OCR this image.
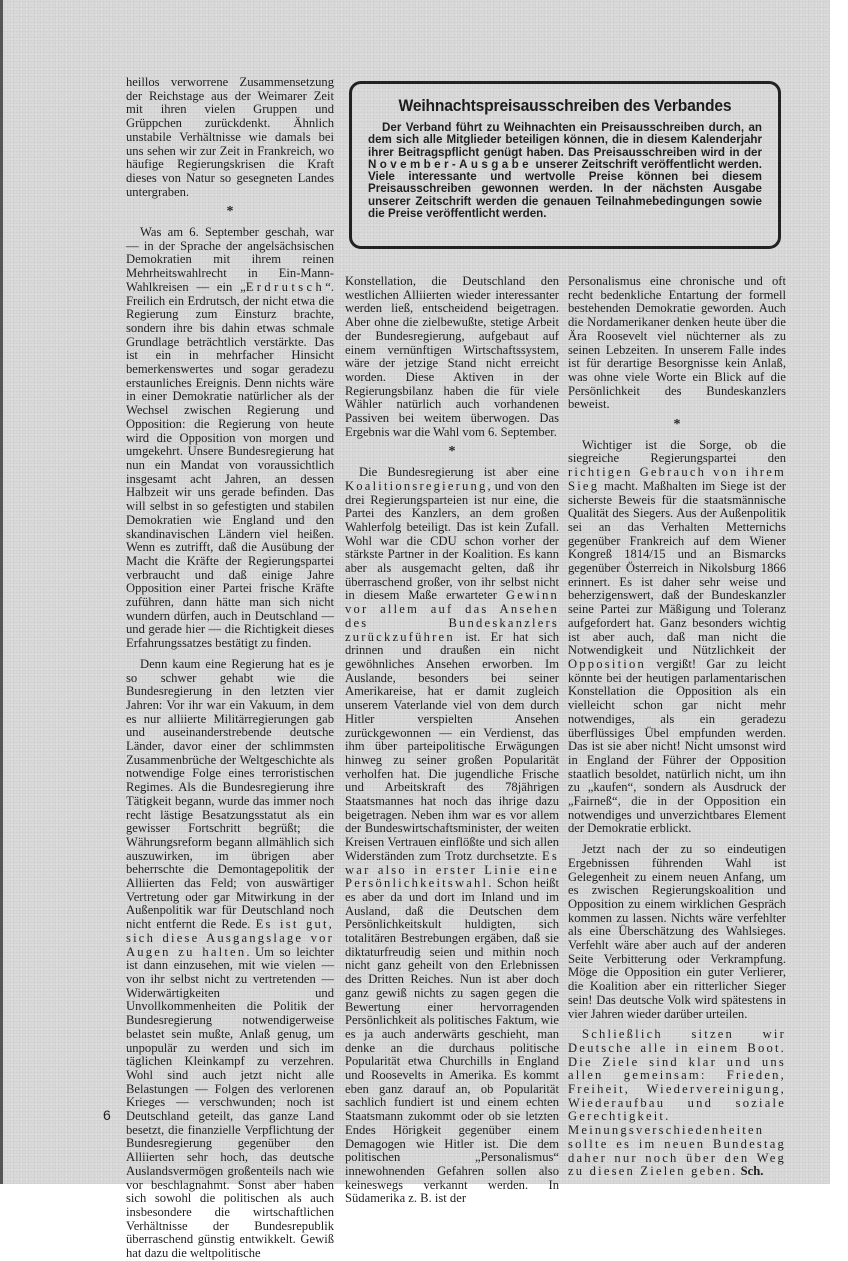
Weihnachtspreisausschreiben des Verbandes
Der Verband führt zu Weihnachten ein Preisausschreiben durch, an dem sich alle Mitglieder beteiligen können, die in diesem Kalenderjahr ihrer Beitragspflicht genügt haben. Das Preisausschreiben wird in der November-Ausgabe unserer Zeitschrift veröffentlicht werden. Viele interessante und wertvolle Preise können bei diesem Preisausschreiben gewonnen werden. In der nächsten Ausgabe unserer Zeitschrift werden die genauen Teilnahmebedingungen sowie die Preise veröffentlicht werden.

heillos verworrene Zusammensetzung der Reichstage aus der Weimarer Zeit mit ihren vielen Gruppen und Grüppchen zurückdenkt. Ähnlich unstabile Verhältnisse wie damals bei uns sehen wir zur Zeit in Frankreich, wo häufige Regierungskrisen die Kraft dieses von Natur so gesegneten Landes untergraben.

*

Was am 6. September geschah, war — in der Sprache der angelsächsischen Demokratien mit ihrem reinen Mehrheitswahlrecht in Ein-Mann-Wahlkreisen — ein „Erdrutsch“. Freilich ein Erdrutsch, der nicht etwa die Regierung zum Einsturz brachte, sondern ihre bis dahin etwas schmale Grundlage beträchtlich verstärkte. Das ist ein in mehrfacher Hinsicht bemerkenswertes und sogar geradezu erstaunliches Ereignis. Denn nichts wäre in einer Demokratie natürlicher als der Wechsel zwischen Regierung und Opposition: die Regierung von heute wird die Opposition von morgen und umgekehrt. Unsere Bundesregierung hat nun ein Mandat von voraussichtlich insgesamt acht Jahren, an dessen Halbzeit wir uns gerade befinden. Das will selbst in so gefestigten und stabilen Demokratien wie England und den skandinavischen Ländern viel heißen. Wenn es zutrifft, daß die Ausübung der Macht die Kräfte der Regierungspartei verbraucht und daß einige Jahre Opposition einer Partei frische Kräfte zuführen, dann hätte man sich nicht wundern dürfen, auch in Deutschland — und gerade hier — die Richtigkeit dieses Erfahrungssatzes bestätigt zu finden.

Denn kaum eine Regierung hat es je so schwer gehabt wie die Bundesregierung in den letzten vier Jahren: Vor ihr war ein Vakuum, in dem es nur alliierte Militärregierungen gab und auseinanderstrebende deutsche Länder, davor einer der schlimmsten Zusammenbrüche der Weltgeschichte als notwendige Folge eines terroristischen Regimes. Als die Bundesregierung ihre Tätigkeit begann, wurde das immer noch recht lästige Besatzungsstatut als ein gewisser Fortschritt begrüßt; die Währungsreform begann allmählich sich auszuwirken, im übrigen aber beherrschte die Demontagepolitik der Alliierten das Feld; von auswärtiger Vertretung oder gar Mitwirkung in der Außenpolitik war für Deutschland noch nicht entfernt die Rede. Es ist gut, sich diese Ausgangslage vor Augen zu halten. Um so leichter ist dann einzusehen, mit wie vielen — von ihr selbst nicht zu vertretenden — Widerwärtigkeiten und Unvollkommenheiten die Politik der Bundesregierung notwendigerweise belastet sein mußte, Anlaß genug, um unpopulär zu werden und sich im täglichen Kleinkampf zu verzehren. Wohl sind auch jetzt nicht alle Belastungen — Folgen des verlorenen Krieges — verschwunden; noch ist Deutschland geteilt, das ganze Land besetzt, die finanzielle Verpflichtung der Bundesregierung gegenüber den Alliierten sehr hoch, das deutsche Auslandsvermögen großenteils nach wie vor beschlagnahmt. Sonst aber haben sich sowohl die politischen als auch insbesondere die wirtschaftlichen Verhältnisse der Bundesrepublik überraschend günstig entwikkelt. Gewiß hat dazu die weltpolitische

Konstellation, die Deutschland den westlichen Alliierten wieder interessanter werden ließ, entscheidend beigetragen. Aber ohne die zielbewußte, stetige Arbeit der Bundesregierung, aufgebaut auf einem vernünftigen Wirtschaftssystem, wäre der jetzige Stand nicht erreicht worden. Diese Aktiven in der Regierungsbilanz haben die für viele Wähler natürlich auch vorhandenen Passiven bei weitem überwogen. Das Ergebnis war die Wahl vom 6. September.

*

Die Bundesregierung ist aber eine Koalitionsregierung, und von den drei Regierungsparteien ist nur eine, die Partei des Kanzlers, an dem großen Wahlerfolg beteiligt. Das ist kein Zufall. Wohl war die CDU schon vorher der stärkste Partner in der Koalition. Es kann aber als ausgemacht gelten, daß ihr überraschend großer, von ihr selbst nicht in diesem Maße erwarteter Gewinn vor allem auf das Ansehen des Bundeskanzlers zurückzuführen ist. Er hat sich drinnen und draußen ein nicht gewöhnliches Ansehen erworben. Im Auslande, besonders bei seiner Amerikareise, hat er damit zugleich unserem Vaterlande viel von dem durch Hitler verspielten Ansehen zurückgewonnen — ein Verdienst, das ihm über parteipolitische Erwägungen hinweg zu seiner großen Popularität verholfen hat. Die jugendliche Frische und Arbeitskraft des 78jährigen Staatsmannes hat noch das ihrige dazu beigetragen. Neben ihm war es vor allem der Bundeswirtschaftsminister, der weiten Kreisen Vertrauen einflößte und sich allen Widerständen zum Trotz durchsetzte. Es war also in erster Linie eine Persönlichkeitswahl. Schon heißt es aber da und dort im Inland und im Ausland, daß die Deutschen dem Persönlichkeitskult huldigten, sich totalitären Bestrebungen ergäben, daß sie diktaturfreudig seien und mithin noch nicht ganz geheilt von den Erlebnissen des Dritten Reiches. Nun ist aber doch ganz gewiß nichts zu sagen gegen die Bewertung einer hervorragenden Persönlichkeit als politisches Faktum, wie es ja auch anderwärts geschieht, man denke an die durchaus politische Popularität etwa Churchills in England und Roosevelts in Amerika. Es kommt eben ganz darauf an, ob Popularität sachlich fundiert ist und einem echten Staatsmann zukommt oder ob sie letzten Endes Hörigkeit gegenüber einem Demagogen wie Hitler ist. Die dem politischen „Personalismus“ innewohnenden Gefahren sollen also keineswegs verkannt werden. In Südamerika z. B. ist der

Personalismus eine chronische und oft recht bedenkliche Entartung der formell bestehenden Demokratie geworden. Auch die Nordamerikaner denken heute über die Ära Roosevelt viel nüchterner als zu seinen Lebzeiten. In unserem Falle indes ist für derartige Besorgnisse kein Anlaß, was ohne viele Worte ein Blick auf die Persönlichkeit des Bundeskanzlers beweist.

*

Wichtiger ist die Sorge, ob die siegreiche Regierungspartei den richtigen Gebrauch von ihrem Sieg macht. Maßhalten im Siege ist der sicherste Beweis für die staatsmännische Qualität des Siegers. Aus der Außenpolitik sei an das Verhalten Metternichs gegenüber Frankreich auf dem Wiener Kongreß 1814/15 und an Bismarcks gegenüber Österreich in Nikolsburg 1866 erinnert. Es ist daher sehr weise und beherzigenswert, daß der Bundeskanzler seine Partei zur Mäßigung und Toleranz aufgefordert hat. Ganz besonders wichtig ist aber auch, daß man nicht die Notwendigkeit und Nützlichkeit der Opposition vergißt! Gar zu leicht könnte bei der heutigen parlamentarischen Konstellation die Opposition als ein vielleicht schon gar nicht mehr notwendiges, als ein geradezu überflüssiges Übel empfunden werden. Das ist sie aber nicht! Nicht umsonst wird in England der Führer der Opposition staatlich besoldet, natürlich nicht, um ihn zu „kaufen“, sondern als Ausdruck der „Fairneß“, die in der Opposition ein notwendiges und unverzichtbares Element der Demokratie erblickt.

Jetzt nach der zu so eindeutigen Ergebnissen führenden Wahl ist Gelegenheit zu einem neuen Anfang, um es zwischen Regierungskoalition und Opposition zu einem wirklichen Gespräch kommen zu lassen. Nichts wäre verfehlter als eine Überschätzung des Wahlsieges. Verfehlt wäre aber auch auf der anderen Seite Verbitterung oder Verkrampfung. Möge die Opposition ein guter Verlierer, die Koalition aber ein ritterlicher Sieger sein! Das deutsche Volk wird spätestens in vier Jahren wieder darüber urteilen.

Schließlich sitzen wir Deutsche alle in einem Boot. Die Ziele sind klar und uns allen gemeinsam: Frieden, Freiheit, Wiedervereinigung, Wiederaufbau und soziale Gerechtigkeit. Meinungsverschiedenheiten sollte es im neuen Bundestag daher nur noch über den Weg zu diesen Zielen geben. Sch.

6
